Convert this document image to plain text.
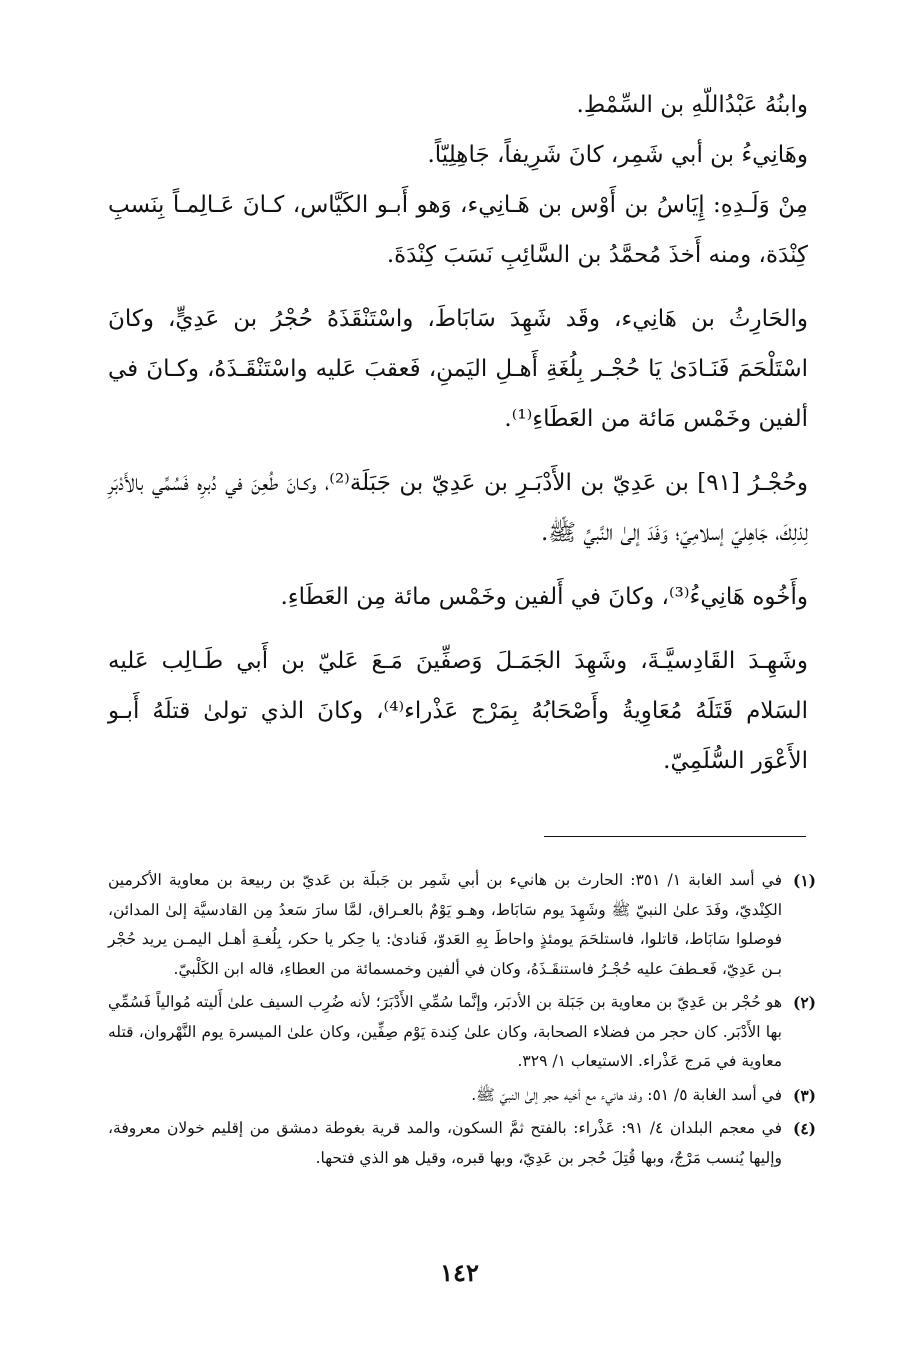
وابنُهُ عَبْدُاللّهِ بن السِّمْطِ.

وهَانِيءُ بن أبي شَمِر، كانَ شَرِيفاً، جَاهِلِيّاً.

مِنْ وَلَـدِهِ: إِيَاسُ بن أَوْس بن هَـانِيء، وَهو أَبـو الكَيَّاس، كـانَ عَـالِمـاً بِنَسبِ كِنْدَة، ومنه أَخذَ مُحمَّدُ بن السَّائِبِ نَسَبَ كِنْدَةَ.

والحَارِثُ بن هَانِيء، وقَد شَهِدَ سَابَاطَ، واسْتَنْقَذَهُ حُجْرُ بن عَدِيٍّ، وكانَ اسْتَلْحَمَ فَنَـادَىٰ يَا حُجْـر بِلُغَةِ أَهـلِ اليَمنِ، فَعقبَ عَليه واسْتَنْقَـذَهُ، وكـانَ في ألفين وخَمْس مَائة من العَطَاءِ⁽¹⁾.

وحُجْـرُ [٩١] بن عَدِيّ بن الأَدْبَـرِ بن عَدِيّ بن جَبَلَة⁽²⁾، وكـانَ طُعِنَ في دُبرِه فَسُمِّي بالأَدْبَرِ لِذلِكَ، جَاهِليّ إسلامِيّ؛ وَفَدَ إلىٰ النَّبيِّ ﷺ.

وأَخُوه هَانِيءُ⁽³⁾، وكانَ في أَلفين وخَمْس مائة مِن العَطَاءِ.

وشَهِـدَ القَادِسيَّـةَ، وشَهِدَ الجَمَـلَ وَصفِّينَ مَـعَ عَليّ بن أَبي طَـالِب عَليه السَلام قَتَلَهُ مُعَاوِيةُ وأَصْحَابُهُ بِمَرْج عَذْراء⁽⁴⁾، وكانَ الذي تولىٰ قتلَهُ أَبـو الأَعْوَر السُّلَمِيّ.

(١)
في أسد الغابة ١/ ٣٥١: الحارث بن هانيء بن أبي شَمِر بن جَبلَة بن عَديّ بن ربيعة بن معاوية الأكرمين الكِنْديّ، وفَدَ علىٰ النبيّ ﷺ وشَهِدَ يوم سَابَاط، وهـو يَوْمٌ بالعـراق، لمَّا سارَ سَعدُ مِن القادسيَّة إلىٰ المدائن، فوصلوا سَابَاط، قاتلوا، فاستلحَمَ يومئذٍ واحاطَ بِهِ العَدوّ، فَنادىٰ: يا حِكر يا حكر، بِلُغـةِ أهـل اليمـن يريد حُجْر بـن عَدِيّ، فَعـطفَ عليه حُجْـرُ فاستنقَـذَهُ، وكان في ألفين وخمسمائة من العطاءِ، قاله ابن الكَلْبيّ.
(٢)
هو حُجْر بن عَدِيّ بن معاوية بن جَبَلة بن الأدبَر، وإنَّما سُمِّي الأَدْبَرَ؛ لأنه ضُرِب السيف علىٰ أَليته مُوالياً فَسُمِّي بها الأَدْبَر. كان حجر من فضلاء الصحابة، وكان علىٰ كِندة يَوْم صِفِّين، وكان علىٰ الميسرة يوم النَّهْروان، قتله معاوية في مَرج عَذْراء. الاستيعاب ١/ ٣٢٩.
(٣)
في أسد الغابة ٥/ ٥١: وفد هانيء مع أخيه حجر إلىٰ النبيّ ﷺ.
(٤)
في معجم البلدان ٤/ ٩١: عَذْراء: بالفتح ثمَّ السكون، والمد قرية بغوطة دمشق من إقليم خولان معروفة، وإليها يُنسب مَرْجٌ، وبها قُتِلَ حُجر بن عَدِيّ، وبها قبره، وقيل هو الذي فتحها.
١٤٢
